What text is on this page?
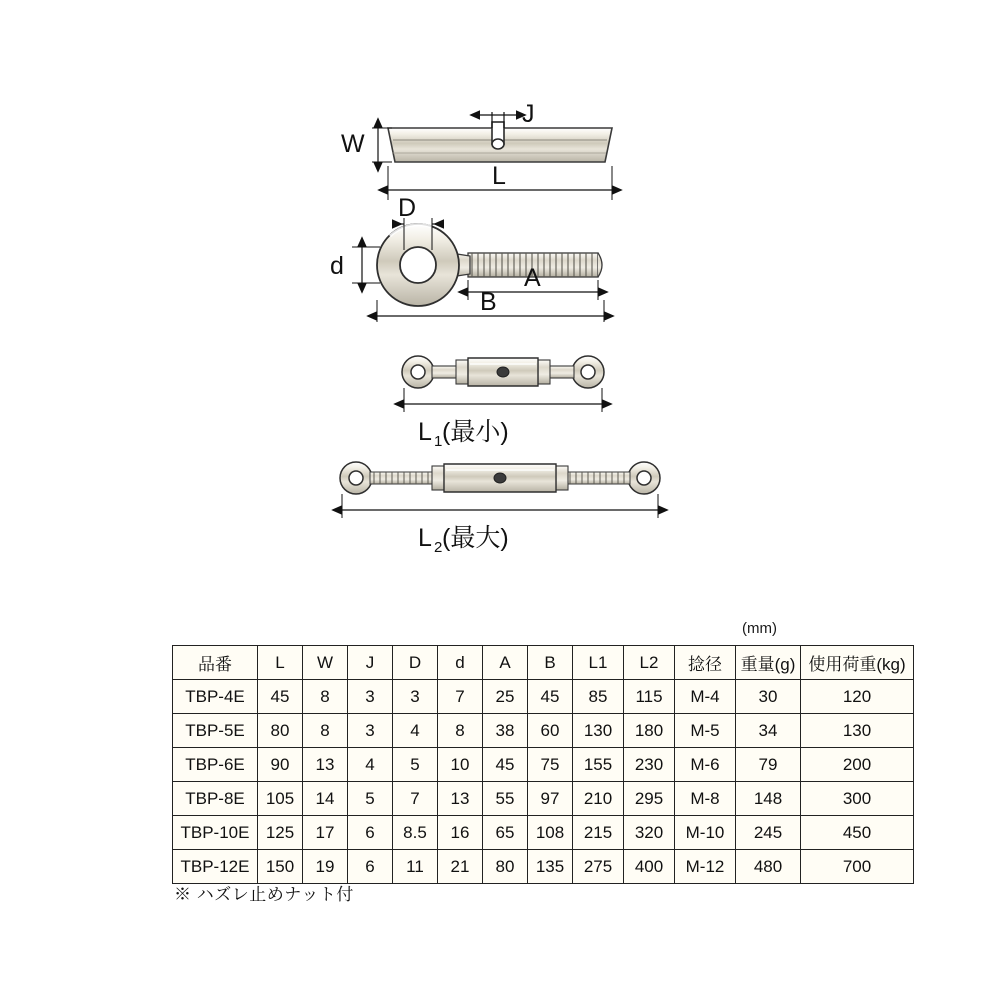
J
W
L
D
d	A
B
L 1 (最小)
L 2 (最大)
(mm)
品番	L	W	J	D	d	A	B	L1	L2	捻径	重量(g)	使用荷重(kg)
TBP-4E	45	8	3	3	7	25	45	85	115	M-4	30	120
TBP-5E	80	8	3	4	8	38	60	130	180	M-5	34	130
TBP-6E	90	13	4	5	10	45	75	155	230	M-6	79	200
TBP-8E	105	14	5	7	13	55	97	210	295	M-8	148	300
TBP-10E	125	17	6	8.5	16	65	108	215	320	M-10	245	450
TBP-12E	150	19	6	11	21	80	135	275	400	M-12	480	700
※ ハズレ止めナット付
